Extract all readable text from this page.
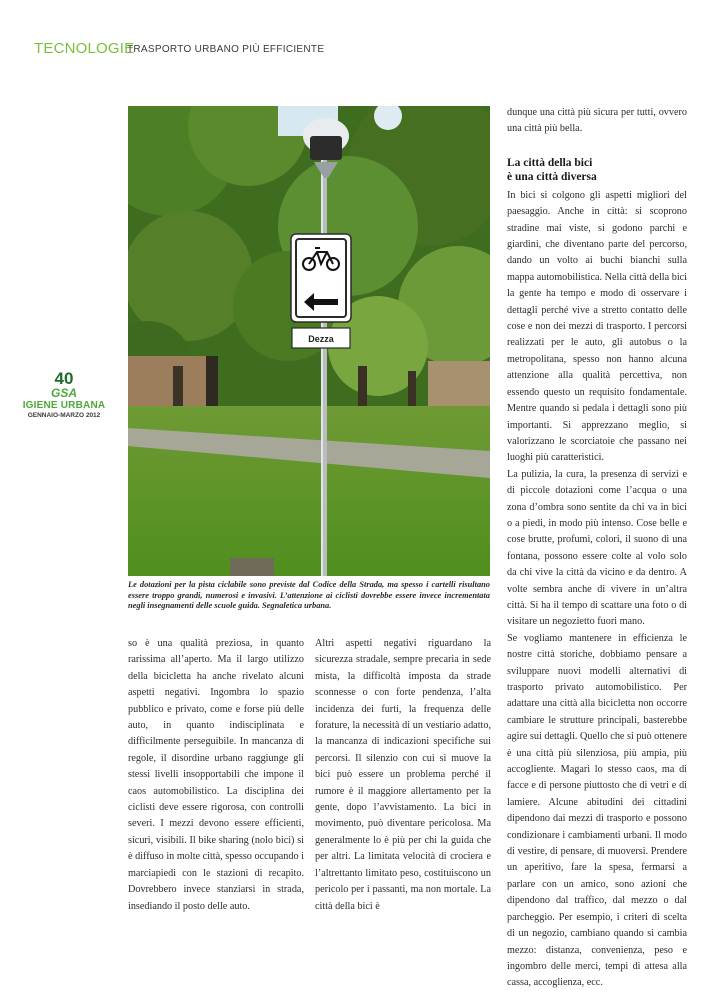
TECNOLOGIE
TRASPORTO URBANO PIÙ EFFICIENTE
40
GSA
IGIENE URBANA
GENNAIO-MARZO 2012
Dezza
Le dotazioni per la pista ciclabile sono previste dal Codice della Strada, ma spesso i cartelli risultano essere troppo grandi, numerosi e invasivi. L’attenzione ai ciclisti dovrebbe essere invece incrementata negli insegnamenti delle scuole guida. Segnaletica urbana.

so è una qualità preziosa, in quanto rarissima all’aperto. Ma il largo utilizzo della bicicletta ha anche rivelato alcuni aspetti negativi. Ingombra lo spazio pubblico e privato, come e forse più delle auto, in quanto indisciplinata e difficilmente perseguibile. In mancanza di regole, il disordine urbano raggiunge gli stessi livelli insopportabili che impone il caos automobilistico. La disciplina dei ciclisti deve essere rigorosa, con controlli severi. I mezzi devono essere efficienti, sicuri, visibili. Il bike sharing (nolo bici) si è diffuso in molte città, spesso occupando i marciapiedi con le stazioni di recapito. Dovrebbero invece stanziarsi in strada, insediando il posto delle auto.

Altri aspetti negativi riguardano la sicurezza stradale, sempre precaria in sede mista, la difficoltà imposta da strade sconnesse o con forte pendenza, l’alta incidenza dei furti, la frequenza delle forature, la necessità di un vestiario adatto, la mancanza di indicazioni specifiche sui percorsi. Il silenzio con cui si muove la bici può essere un problema perché il rumore è il maggiore allertamento per la gente, dopo l’avvistamento. La bici in movimento, può diventare pericolosa. Ma generalmente lo è più per chi la guida che per altri. La limitata velocità di crociera e l’altrettanto limitato peso, costituiscono un pericolo per i passanti, ma non mortale. La città della bici è

dunque una città più sicura per tutti, ovvero una città più bella.

La città della bici
è una città diversa

In bici si colgono gli aspetti migliori del paesaggio. Anche in città: si scoprono stradine mai viste, si godono parchi e giardini, che diventano parte del percorso, dando un volto ai buchi bianchi sulla mappa automobilistica. Nella città della bici la gente ha tempo e modo di osservare i dettagli perché vive a stretto contatto delle cose e non dei mezzi di trasporto. I percorsi realizzati per le auto, gli autobus o la metropolitana, spesso non hanno alcuna attenzione alla qualità percettiva, non essendo questo un requisito fondamentale. Mentre quando si pedala i dettagli sono più importanti. Si apprezzano meglio, si valorizzano le scorciatoie che passano nei luoghi più caratteristici.

La pulizia, la cura, la presenza di servizi e di piccole dotazioni come l’acqua o una zona d’ombra sono sentite da chi va in bici o a piedi, in modo più intenso. Cose belle e cose brutte, profumi, colori, il suono di una fontana, possono essere colte al volo solo da chi vive la città da vicino e da dentro. A volte sembra anche di vivere in un’altra città. Si ha il tempo di scattare una foto o di visitare un negozietto fuori mano.

Se vogliamo mantenere in efficienza le nostre città storiche, dobbiamo pensare a sviluppare nuovi modelli alternativi di trasporto privato automobilistico. Per adattare una città alla bicicletta non occorre cambiare le strutture principali, basterebbe agire sui dettagli. Quello che si può ottenere è una città più silenziosa, più ampia, più accogliente. Magari lo stesso caos, ma di facce e di persone piuttosto che di vetri e di lamiere. Alcune abitudini dei cittadini dipendono dai mezzi di trasporto e possono condizionare i cambiamenti urbani. Il modo di vestire, di pensare, di muoversi. Prendere un aperitivo, fare la spesa, fermarsi a parlare con un amico, sono azioni che dipendono dal traffico, dal mezzo o dal parcheggio. Per esempio, i criteri di scelta di un negozio, cambiano quando si cambia mezzo: distanza, convenienza, peso e ingombro delle merci, tempi di attesa alla cassa, accoglienza, ecc.
